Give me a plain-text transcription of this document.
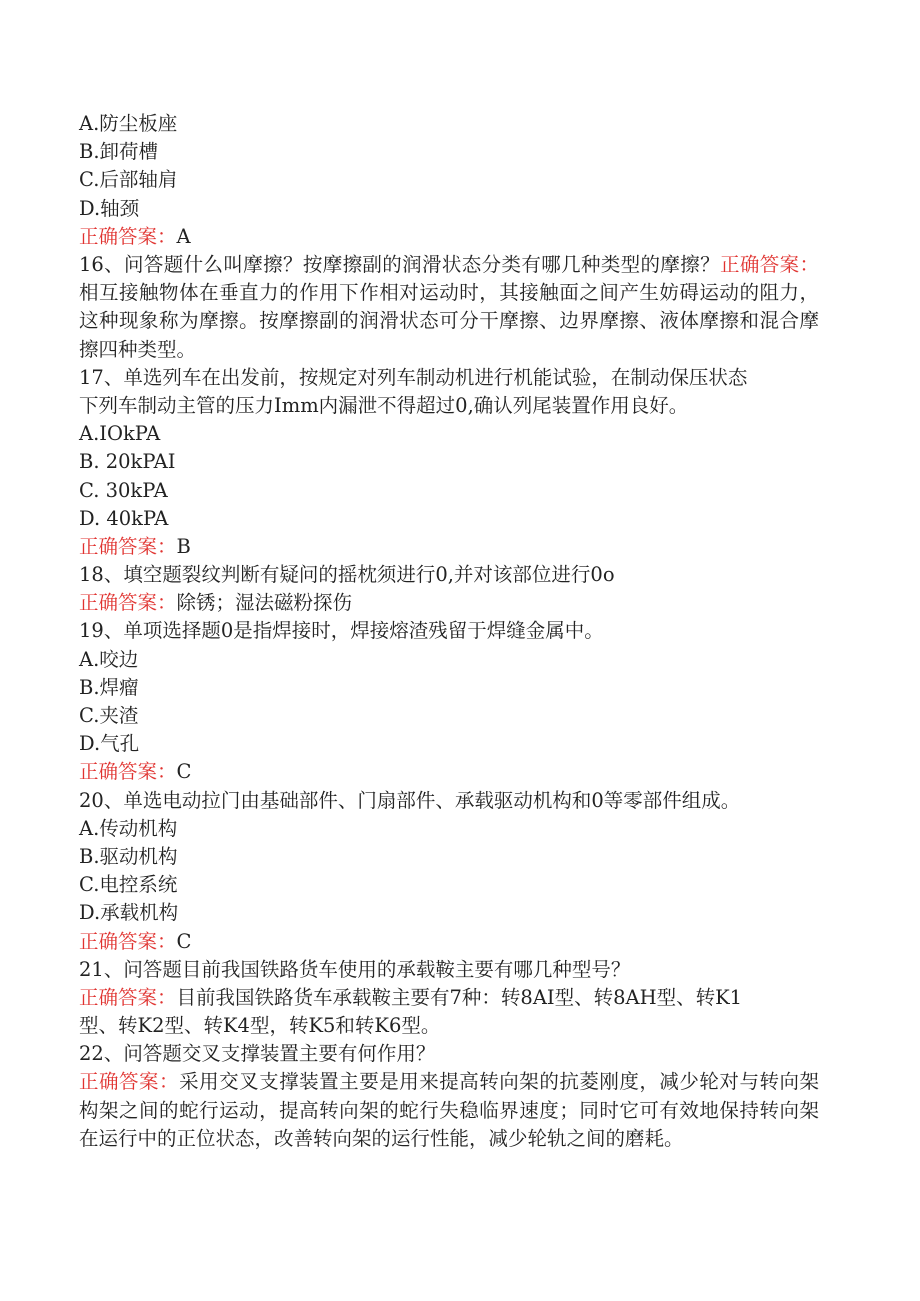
A.防尘板座
B.卸荷槽
C.后部轴肩
D.轴颈
正确答案：A
16、问答题什么叫摩擦？按摩擦副的润滑状态分类有哪几种类型的摩擦？正确答案：相互接触物体在垂直力的作用下作相对运动时，其接触面之间产生妨碍运动的阻力，这种现象称为摩擦。按摩擦副的润滑状态可分干摩擦、边界摩擦、液体摩擦和混合摩擦四种类型。
17、单选列车在出发前，按规定对列车制动机进行机能试验，在制动保压状态
下列车制动主管的压力Imm内漏泄不得超过0,确认列尾装置作用良好。
A.IOkPA
B. 20kPAI
C. 30kPA
D. 40kPA
正确答案：B
18、填空题裂纹判断有疑问的摇枕须进行0,并对该部位进行0o
正确答案：除锈；湿法磁粉探伤
19、单项选择题0是指焊接时，焊接熔渣残留于焊缝金属中。
A.咬边
B.焊瘤
C.夹渣
D.气孔
正确答案：C
20、单选电动拉门由基础部件、门扇部件、承载驱动机构和0等零部件组成。
A.传动机构
B.驱动机构
C.电控系统
D.承载机构
正确答案：C
21、问答题目前我国铁路货车使用的承载鞍主要有哪几种型号？
正确答案：目前我国铁路货车承载鞍主要有7种：转8AI型、转8AH型、转K1
型、转K2型、转K4型，转K5和转K6型。
22、问答题交叉支撑装置主要有何作用？
正确答案：采用交叉支撑装置主要是用来提高转向架的抗菱刚度，减少轮对与转向架构架之间的蛇行运动，提高转向架的蛇行失稳临界速度；同时它可有效地保持转向架在运行中的正位状态，改善转向架的运行性能，减少轮轨之间的磨耗。
